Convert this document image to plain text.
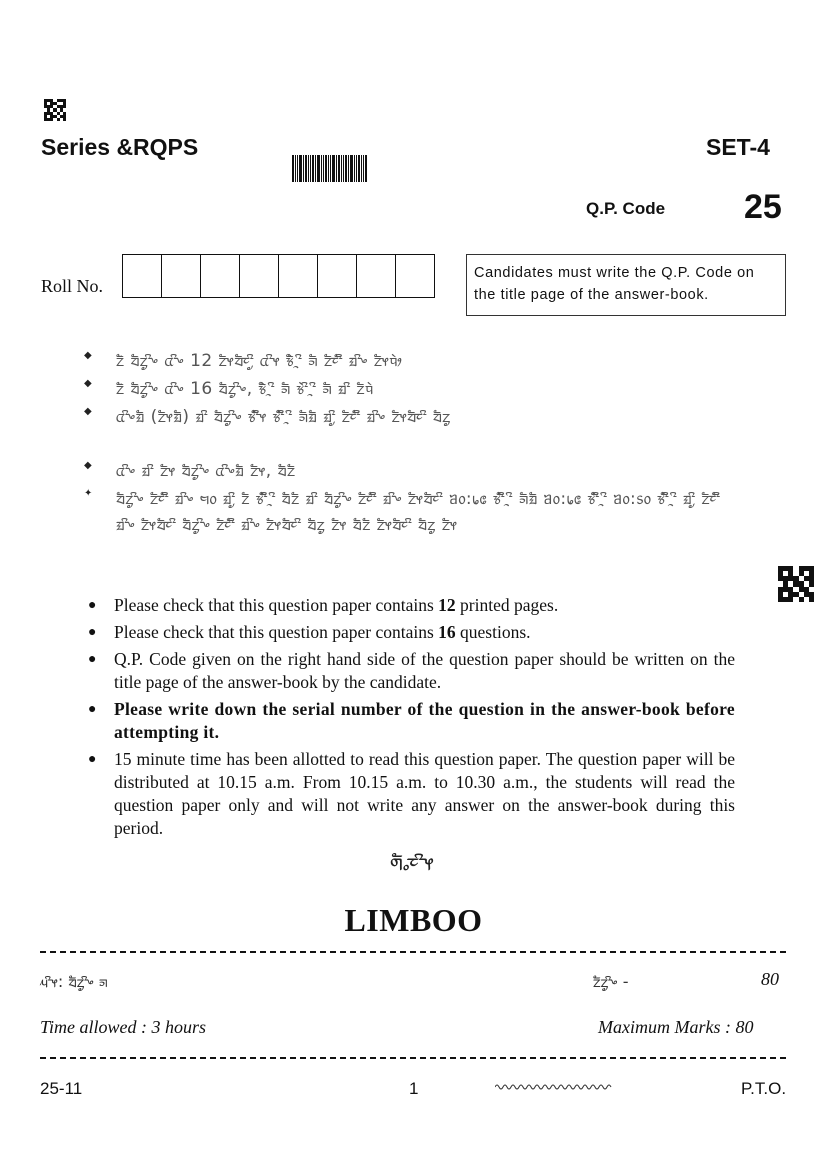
Series &RQPS	SET-4
Q.P. Code 25
Roll No.
Candidates must write the Q.P. Code on the title page of the answer-book.
◆	ᤁ᤺ᤠ ᤔᤠᤁᤢᤡᤴ ᤂᤡᤴ 12 ᤁᤠᤶᤔᤠᤰᤡᤢ ᤂᤡᤶ ᤃᤧᤠᤳᤡ ᤈᤠ ᤁᤠᤰᤡᤠ ᤀᤡᤴ ᤁᤠᤶᤄᤧᤣ
◆	ᤁ᤺ᤠ ᤔᤠᤁᤢᤡᤴ ᤂᤡᤴ 16 ᤔᤠᤁᤢᤡᤴ, ᤃᤧᤠᤳᤡ ᤈᤠ ᤃᤧᤡᤳᤡ ᤈᤠ ᤀᤡ ᤁᤠᤄᤧ
◆	ᤂᤡᤴᤀᤠ (ᤁᤠᤶᤀᤠ) ᤀᤡ ᤔᤠᤁᤢᤡᤴ ᤃᤡᤧᤠᤶ ᤃᤡᤧᤠᤳᤡ ᤈᤠᤀᤠ ᤀᤡᤢ ᤁᤠᤰᤡᤠ ᤀᤡᤴ ᤁᤠᤶᤔᤠᤰᤡ ᤔᤠᤁᤢ
◆	ᤂᤡᤴ ᤀᤡ ᤁᤠᤶ ᤔᤠᤁᤢᤡᤴ ᤂᤡᤴᤀᤠ ᤁᤠᤶ, ᤔᤠᤁᤠ
✦	ᤔᤠᤁᤢᤡᤴ ᤁᤠᤰᤡᤠ ᤀᤡᤴ ᤗ᥆ ᤀᤡᤢ ᤁᤠ ᤃᤡᤧᤠᤳᤡ ᤔᤠᤁᤠ ᤀᤡ ᤔᤠᤁᤢᤡᤴ ᤁᤠᤰᤡᤠ ᤀᤡᤴ ᤁᤠᤶᤔᤠᤰᤡ ᥑ᥆:᥇᥋ ᤃᤡᤧᤠᤳᤡ ᤈᤠᤀᤠ ᥑ᥆:᥇᥋ ᤃᤡᤧᤠᤳᤡ ᥑ᥆:᥉᥆ ᤃᤡᤧᤠᤳᤡ ᤀᤡᤢ ᤁᤠᤰᤡᤠ ᤀᤡᤴ ᤁᤠᤶᤔᤠᤰᤡ ᤔᤠᤁᤢᤡᤴ ᤁᤠᤰᤡᤠ ᤀᤡᤴ ᤁᤠᤶᤔᤠᤰᤡ ᤔᤠᤁᤢ ᤁᤠᤶ ᤔᤠᤁᤠ ᤁᤠᤶᤔᤠᤰᤡ ᤔᤠᤁᤢ ᤁᤠᤶ
●	Please check that this question paper contains 12 printed pages.
●	Please check that this question paper contains 16 questions.
●	Q.P. Code given on the right hand side of the question paper should be written on the title page of the answer-book by the candidate.
●	Please write down the serial number of the question in the answer-book before attempting it.
●	15 minute time has been allotted to read this question paper. The question paper will be distributed at 10.15 a.m. From 10.15 a.m. to 10.30 a.m., the students will read the question paper only and will not write any answer on the answer-book during this period.
ᤛᤠᤱᤰᤡᤶ
LIMBOO
ᤘᤡᤶ: ᤔᤠᤁᤢᤡᤴ ᤈ	ᤁᤠᤁᤢᤡᤴ -	80
Time allowed : 3 hours	Maximum Marks : 80
25-11	1	P.T.O.
